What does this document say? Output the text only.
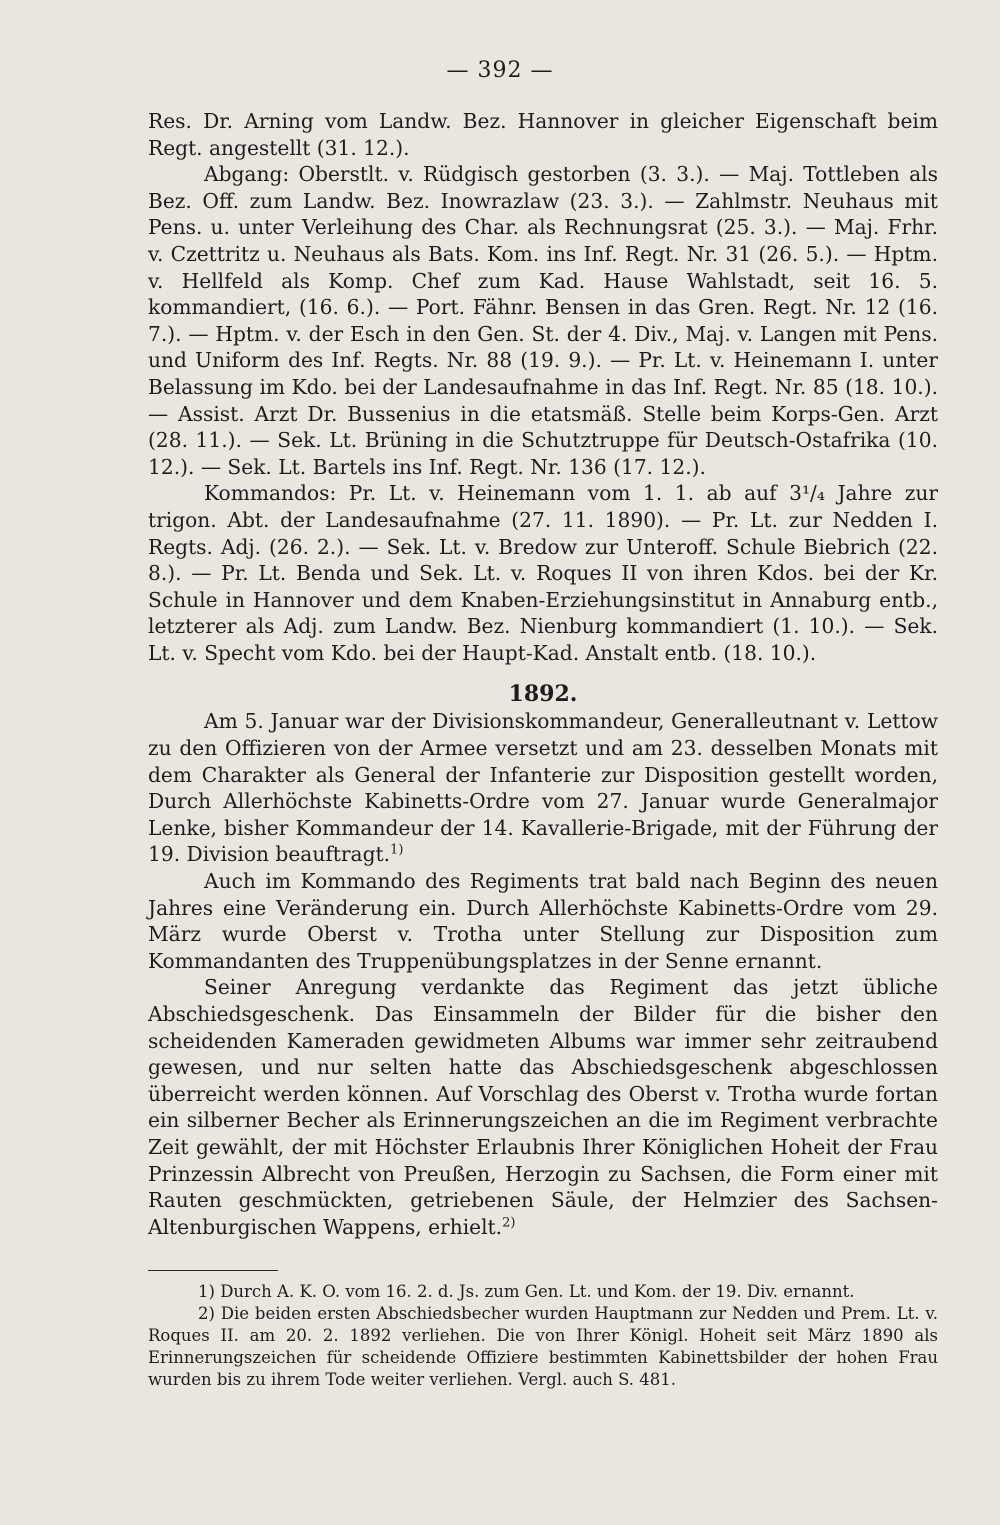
— 392 —

Res. Dr. Arning vom Landw. Bez. Hannover in gleicher Eigenschaft beim Regt. angestellt (31. 12.).

Abgang: Oberstlt. v. Rüdgisch gestorben (3. 3.). — Maj. Tottleben als Bez. Off. zum Landw. Bez. Inowrazlaw (23. 3.). — Zahlmstr. Neuhaus mit Pens. u. unter Verleihung des Char. als Rechnungsrat (25. 3.). — Maj. Frhr. v. Czettritz u. Neuhaus als Bats. Kom. ins Inf. Regt. Nr. 31 (26. 5.). — Hptm. v. Hellfeld als Komp. Chef zum Kad. Hause Wahlstadt, seit 16. 5. kommandiert, (16. 6.). — Port. Fähnr. Bensen in das Gren. Regt. Nr. 12 (16. 7.). — Hptm. v. der Esch in den Gen. St. der 4. Div., Maj. v. Langen mit Pens. und Uniform des Inf. Regts. Nr. 88 (19. 9.). — Pr. Lt. v. Heinemann I. unter Belassung im Kdo. bei der Landesaufnahme in das Inf. Regt. Nr. 85 (18. 10.). — Assist. Arzt Dr. Bussenius in die etatsmäß. Stelle beim Korps-Gen. Arzt (28. 11.). — Sek. Lt. Brüning in die Schutztruppe für Deutsch-Ostafrika (10. 12.). — Sek. Lt. Bartels ins Inf. Regt. Nr. 136 (17. 12.).

Kommandos: Pr. Lt. v. Heinemann vom 1. 1. ab auf 3¹/₄ Jahre zur trigon. Abt. der Landesaufnahme (27. 11. 1890). — Pr. Lt. zur Nedden I. Regts. Adj. (26. 2.). — Sek. Lt. v. Bredow zur Unteroff. Schule Biebrich (22. 8.). — Pr. Lt. Benda und Sek. Lt. v. Roques II von ihren Kdos. bei der Kr. Schule in Hannover und dem Knaben-Erziehungsinstitut in Annaburg entb., letzterer als Adj. zum Landw. Bez. Nienburg kommandiert (1. 10.). — Sek. Lt. v. Specht vom Kdo. bei der Haupt-Kad. Anstalt entb. (18. 10.).

1892.

Am 5. Januar war der Divisionskommandeur, Generalleutnant v. Lettow zu den Offizieren von der Armee versetzt und am 23. desselben Monats mit dem Charakter als General der Infanterie zur Disposition gestellt worden, Durch Allerhöchste Kabinetts-Ordre vom 27. Januar wurde Generalmajor Lenke, bisher Kommandeur der 14. Kavallerie-Brigade, mit der Führung der 19. Division beauftragt.$^{1)}$

Auch im Kommando des Regiments trat bald nach Beginn des neuen Jahres eine Veränderung ein. Durch Allerhöchste Kabinetts-Ordre vom 29. März wurde Oberst v. Trotha unter Stellung zur Disposition zum Kommandanten des Truppenübungsplatzes in der Senne ernannt.

Seiner Anregung verdankte das Regiment das jetzt übliche Abschiedsgeschenk. Das Einsammeln der Bilder für die bisher den scheidenden Kameraden gewidmeten Albums war immer sehr zeitraubend gewesen, und nur selten hatte das Abschiedsgeschenk abgeschlossen überreicht werden können. Auf Vorschlag des Oberst v. Trotha wurde fortan ein silberner Becher als Erinnerungszeichen an die im Regiment verbrachte Zeit gewählt, der mit Höchster Erlaubnis Ihrer Königlichen Hoheit der Frau Prinzessin Albrecht von Preußen, Herzogin zu Sachsen, die Form einer mit Rauten geschmückten, getriebenen Säule, der Helmzier des Sachsen-Altenburgischen Wappens, erhielt.$^{2)}$

1) Durch A. K. O. vom 16. 2. d. Js. zum Gen. Lt. und Kom. der 19. Div. ernannt.

2) Die beiden ersten Abschiedsbecher wurden Hauptmann zur Nedden und Prem. Lt. v. Roques II. am 20. 2. 1892 verliehen. Die von Ihrer Königl. Hoheit seit März 1890 als Erinnerungszeichen für scheidende Offiziere bestimmten Kabinettsbilder der hohen Frau wurden bis zu ihrem Tode weiter verliehen. Vergl. auch S. 481.
